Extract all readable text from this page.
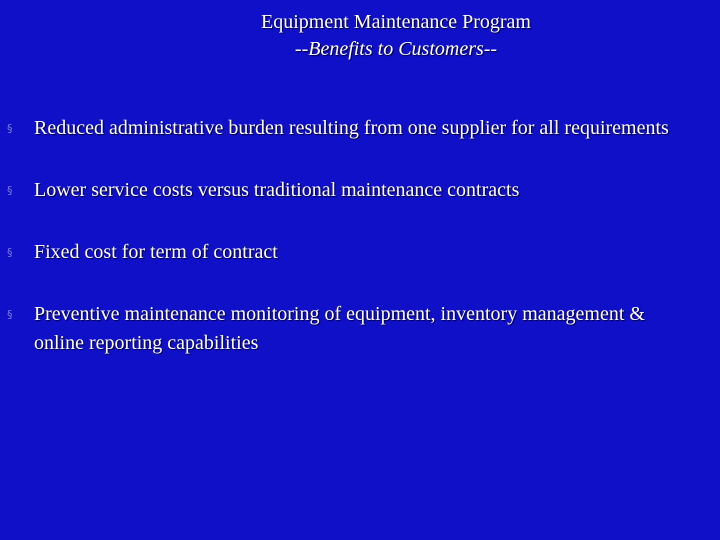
Equipment Maintenance Program
--Benefits to Customers--
§ Reduced administrative burden resulting from one supplier for all requirements
§ Lower service costs versus traditional maintenance contracts
§ Fixed cost for term of contract
§ Preventive maintenance monitoring of equipment, inventory management & online reporting capabilities
